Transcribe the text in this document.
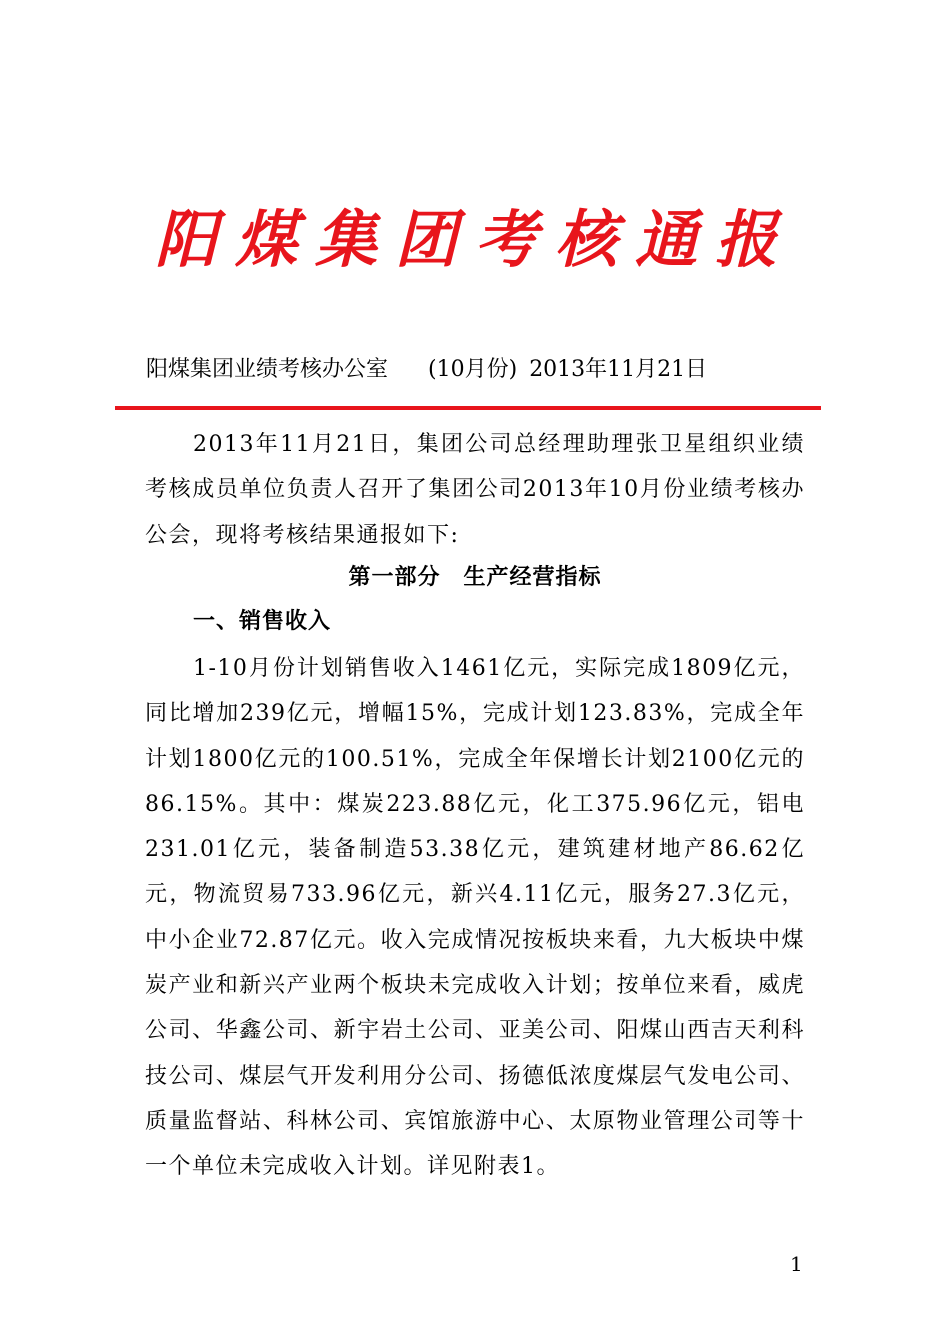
阳煤集团考核通报
阳煤集团业绩考核办公室 (10月份) 2013年11月21日
2013年11月21日，集团公司总经理助理张卫星组织业绩考核成员单位负责人召开了集团公司2013年10月份业绩考核办公会，现将考核结果通报如下:
第一部分　生产经营指标
一、销售收入
1-10月份计划销售收入1461亿元，实际完成1809亿元，同比增加239亿元，增幅15%，完成计划123.83%，完成全年计划1800亿元的100.51%，完成全年保增长计划2100亿元的86.15%。其中：煤炭223.88亿元，化工375.96亿元，铝电231.01亿元，装备制造53.38亿元，建筑建材地产86.62亿元，物流贸易733.96亿元，新兴4.11亿元，服务27.3亿元，中小企业72.87亿元。收入完成情况按板块来看，九大板块中煤炭产业和新兴产业两个板块未完成收入计划；按单位来看，威虎公司、华鑫公司、新宇岩土公司、亚美公司、阳煤山西吉天利科技公司、煤层气开发利用分公司、扬德低浓度煤层气发电公司、质量监督站、科林公司、宾馆旅游中心、太原物业管理公司等十一个单位未完成收入计划。详见附表1。
1
